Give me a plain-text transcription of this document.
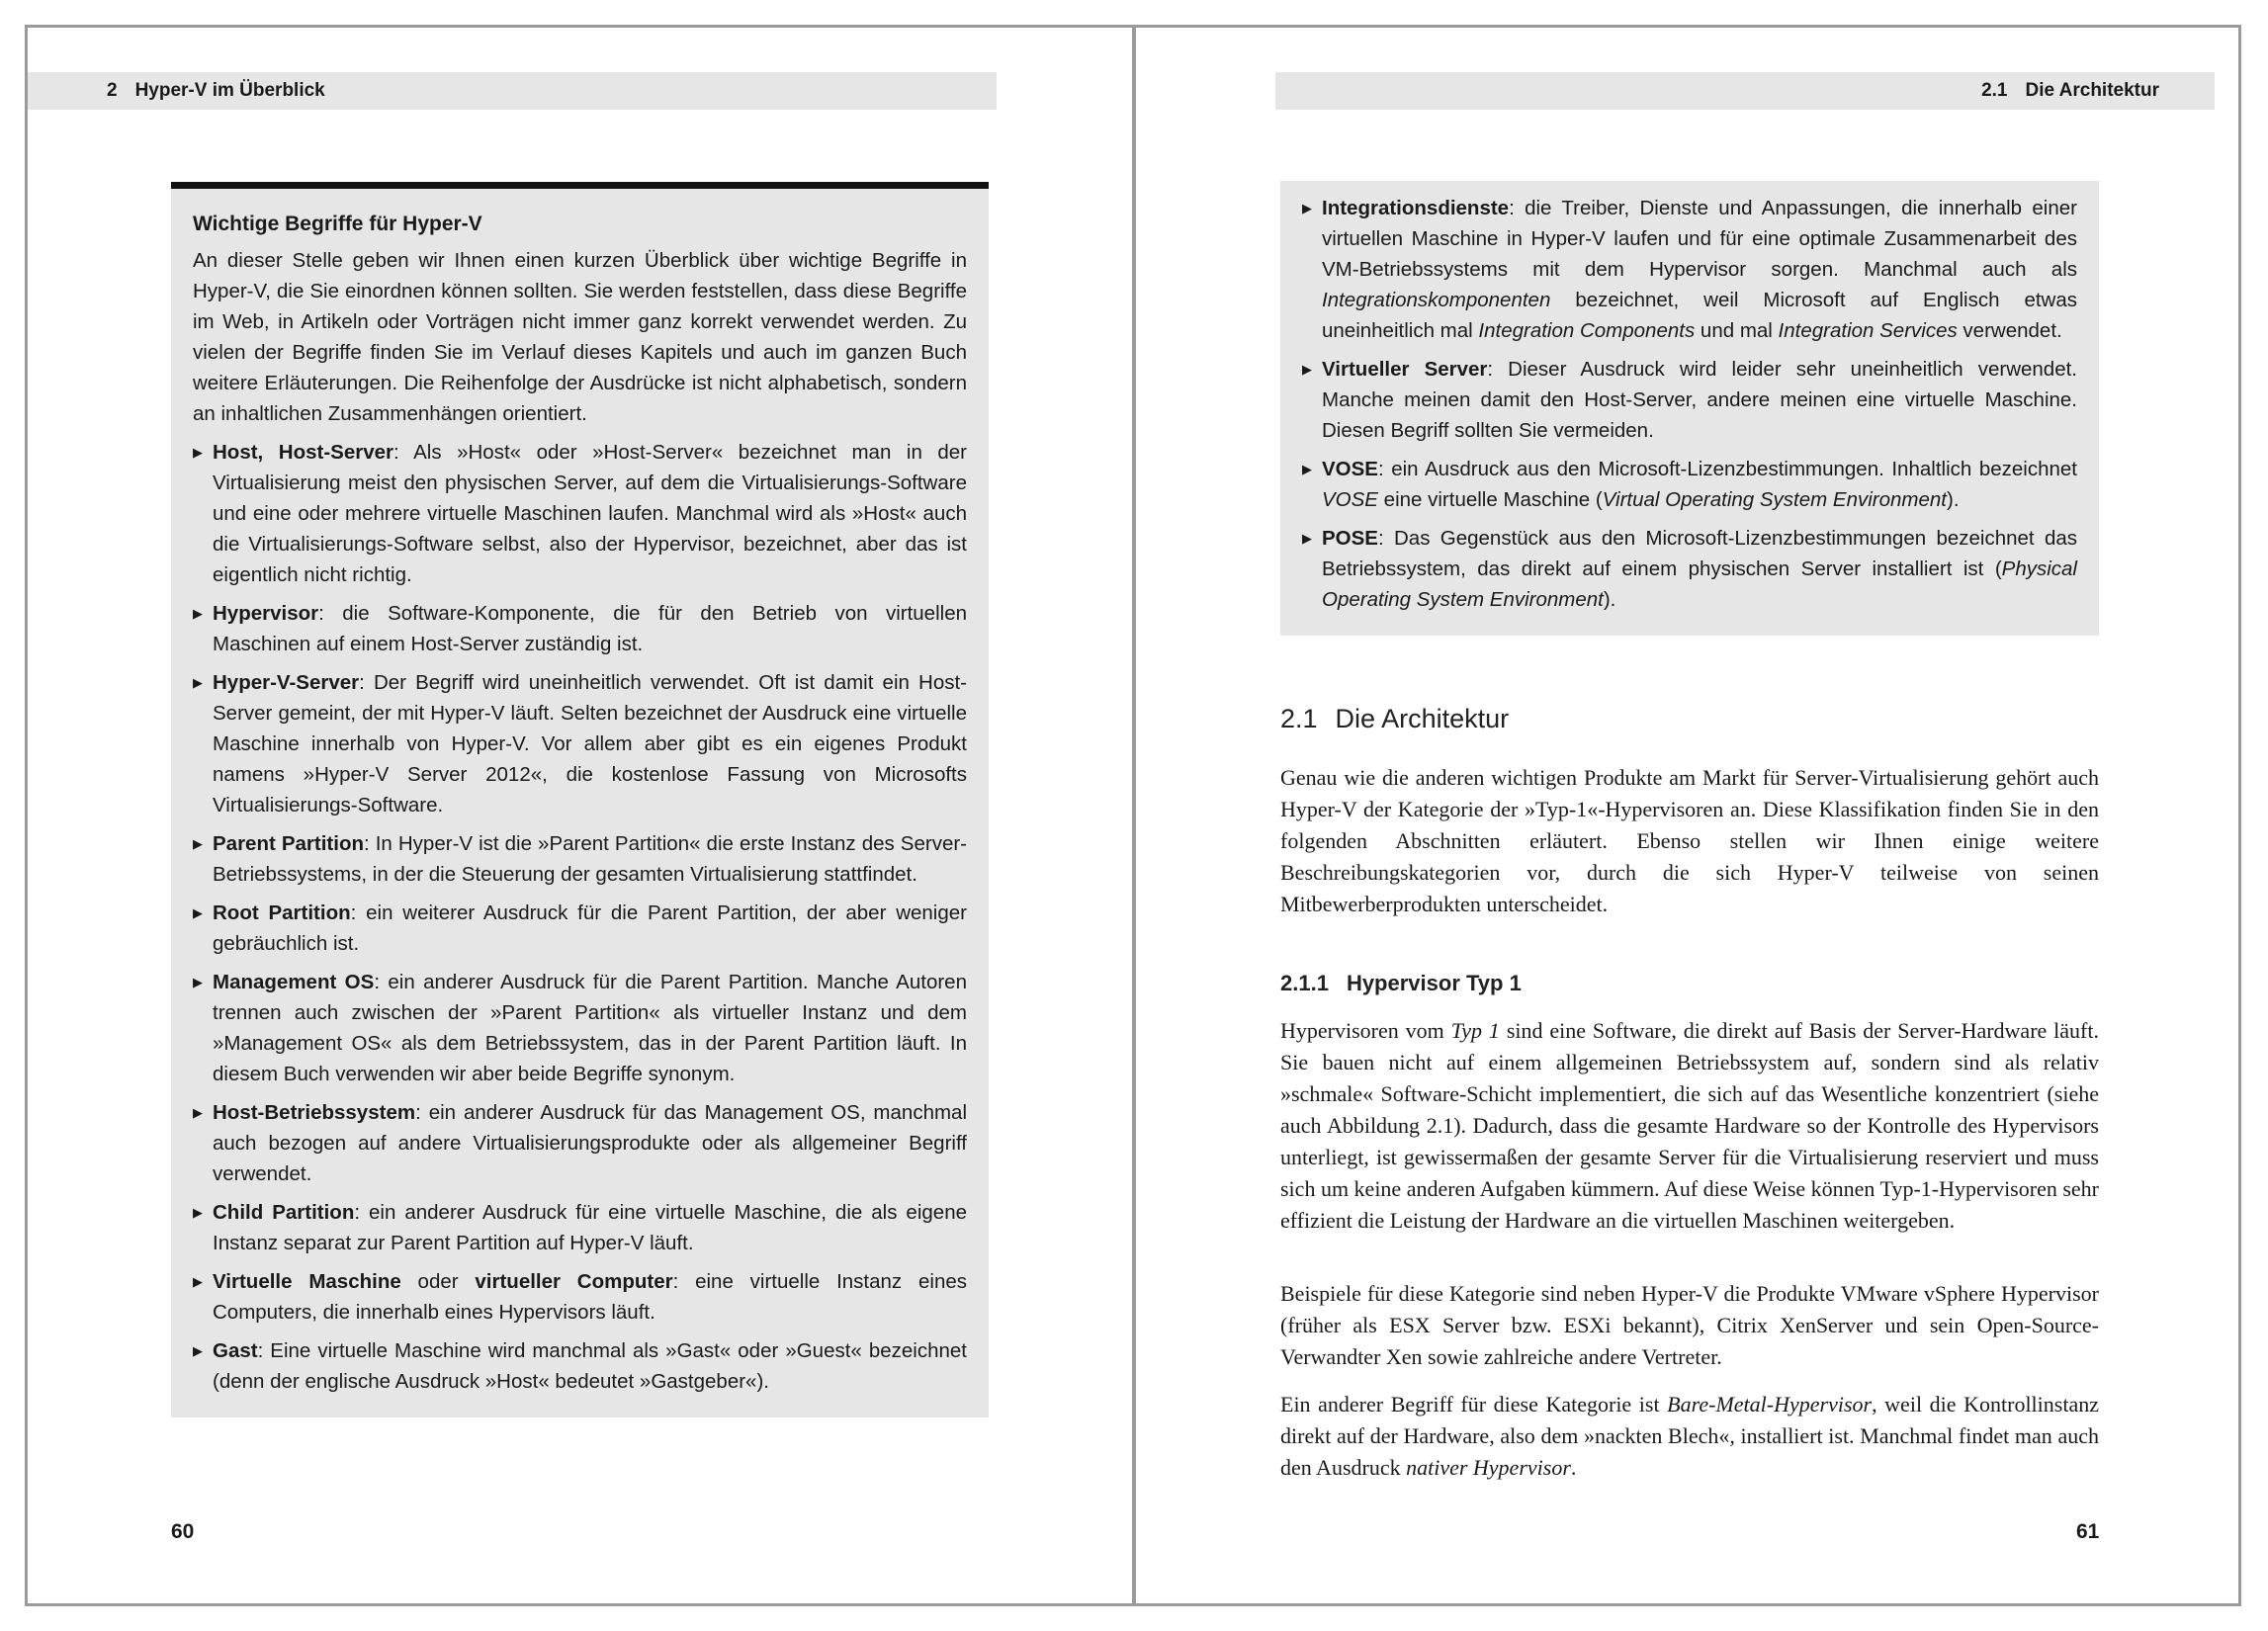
2 Hyper-V im Überblick
Wichtige Begriffe für Hyper-V
An dieser Stelle geben wir Ihnen einen kurzen Überblick über wichtige Begriffe in Hyper-V, die Sie einordnen können sollten. Sie werden feststellen, dass diese Begriffe im Web, in Artikeln oder Vorträgen nicht immer ganz korrekt verwendet werden. Zu vielen der Begriffe finden Sie im Verlauf dieses Kapitels und auch im ganzen Buch weitere Erläuterungen. Die Reihenfolge der Ausdrücke ist nicht alphabetisch, sondern an inhaltlichen Zusammenhängen orientiert.
▶ Host, Host-Server: Als »Host« oder »Host-Server« bezeichnet man in der Virtualisierung meist den physischen Server, auf dem die Virtualisierungs-Software und eine oder mehrere virtuelle Maschinen laufen. Manchmal wird als »Host« auch die Virtualisierungs-Software selbst, also der Hypervisor, bezeichnet, aber das ist eigentlich nicht richtig.
▶ Hypervisor: die Software-Komponente, die für den Betrieb von virtuellen Maschinen auf einem Host-Server zuständig ist.
▶ Hyper-V-Server: Der Begriff wird uneinheitlich verwendet. Oft ist damit ein Host-Server gemeint, der mit Hyper-V läuft. Selten bezeichnet der Ausdruck eine virtuelle Maschine innerhalb von Hyper-V. Vor allem aber gibt es ein eigenes Produkt namens »Hyper-V Server 2012«, die kostenlose Fassung von Microsofts Virtualisierungs-Software.
▶ Parent Partition: In Hyper-V ist die »Parent Partition« die erste Instanz des Server-Betriebssystems, in der die Steuerung der gesamten Virtualisierung stattfindet.
▶ Root Partition: ein weiterer Ausdruck für die Parent Partition, der aber weniger gebräuchlich ist.
▶ Management OS: ein anderer Ausdruck für die Parent Partition. Manche Autoren trennen auch zwischen der »Parent Partition« als virtueller Instanz und dem »Management OS« als dem Betriebssystem, das in der Parent Partition läuft. In diesem Buch verwenden wir aber beide Begriffe synonym.
▶ Host-Betriebssystem: ein anderer Ausdruck für das Management OS, manchmal auch bezogen auf andere Virtualisierungsprodukte oder als allgemeiner Begriff verwendet.
▶ Child Partition: ein anderer Ausdruck für eine virtuelle Maschine, die als eigene Instanz separat zur Parent Partition auf Hyper-V läuft.
▶ Virtuelle Maschine oder virtueller Computer: eine virtuelle Instanz eines Computers, die innerhalb eines Hypervisors läuft.
▶ Gast: Eine virtuelle Maschine wird manchmal als »Gast« oder »Guest« bezeichnet (denn der englische Ausdruck »Host« bedeutet »Gastgeber«).
60
2.1 Die Architektur
▶ Integrationsdienste: die Treiber, Dienste und Anpassungen, die innerhalb einer virtuellen Maschine in Hyper-V laufen und für eine optimale Zusammenarbeit des VM-Betriebssystems mit dem Hypervisor sorgen. Manchmal auch als Integrationskomponenten bezeichnet, weil Microsoft auf Englisch etwas uneinheitlich mal Integration Components und mal Integration Services verwendet.
▶ Virtueller Server: Dieser Ausdruck wird leider sehr uneinheitlich verwendet. Manche meinen damit den Host-Server, andere meinen eine virtuelle Maschine. Diesen Begriff sollten Sie vermeiden.
▶ VOSE: ein Ausdruck aus den Microsoft-Lizenzbestimmungen. Inhaltlich bezeichnet VOSE eine virtuelle Maschine (Virtual Operating System Environment).
▶ POSE: Das Gegenstück aus den Microsoft-Lizenzbestimmungen bezeichnet das Betriebssystem, das direkt auf einem physischen Server installiert ist (Physical Operating System Environment).
2.1 Die Architektur
Genau wie die anderen wichtigen Produkte am Markt für Server-Virtualisierung gehört auch Hyper-V der Kategorie der »Typ-1«-Hypervisoren an. Diese Klassifikation finden Sie in den folgenden Abschnitten erläutert. Ebenso stellen wir Ihnen einige weitere Beschreibungskategorien vor, durch die sich Hyper-V teilweise von seinen Mitbewerberprodukten unterscheidet.
2.1.1 Hypervisor Typ 1
Hypervisoren vom Typ 1 sind eine Software, die direkt auf Basis der Server-Hardware läuft. Sie bauen nicht auf einem allgemeinen Betriebssystem auf, sondern sind als relativ »schmale« Software-Schicht implementiert, die sich auf das Wesentliche konzentriert (siehe auch Abbildung 2.1). Dadurch, dass die gesamte Hardware so der Kontrolle des Hypervisors unterliegt, ist gewissermaßen der gesamte Server für die Virtualisierung reserviert und muss sich um keine anderen Aufgaben kümmern. Auf diese Weise können Typ-1-Hypervisoren sehr effizient die Leistung der Hardware an die virtuellen Maschinen weitergeben.
Beispiele für diese Kategorie sind neben Hyper-V die Produkte VMware vSphere Hypervisor (früher als ESX Server bzw. ESXi bekannt), Citrix XenServer und sein Open-Source-Verwandter Xen sowie zahlreiche andere Vertreter.
Ein anderer Begriff für diese Kategorie ist Bare-Metal-Hypervisor, weil die Kontrollinstanz direkt auf der Hardware, also dem »nackten Blech«, installiert ist. Manchmal findet man auch den Ausdruck nativer Hypervisor.
61
